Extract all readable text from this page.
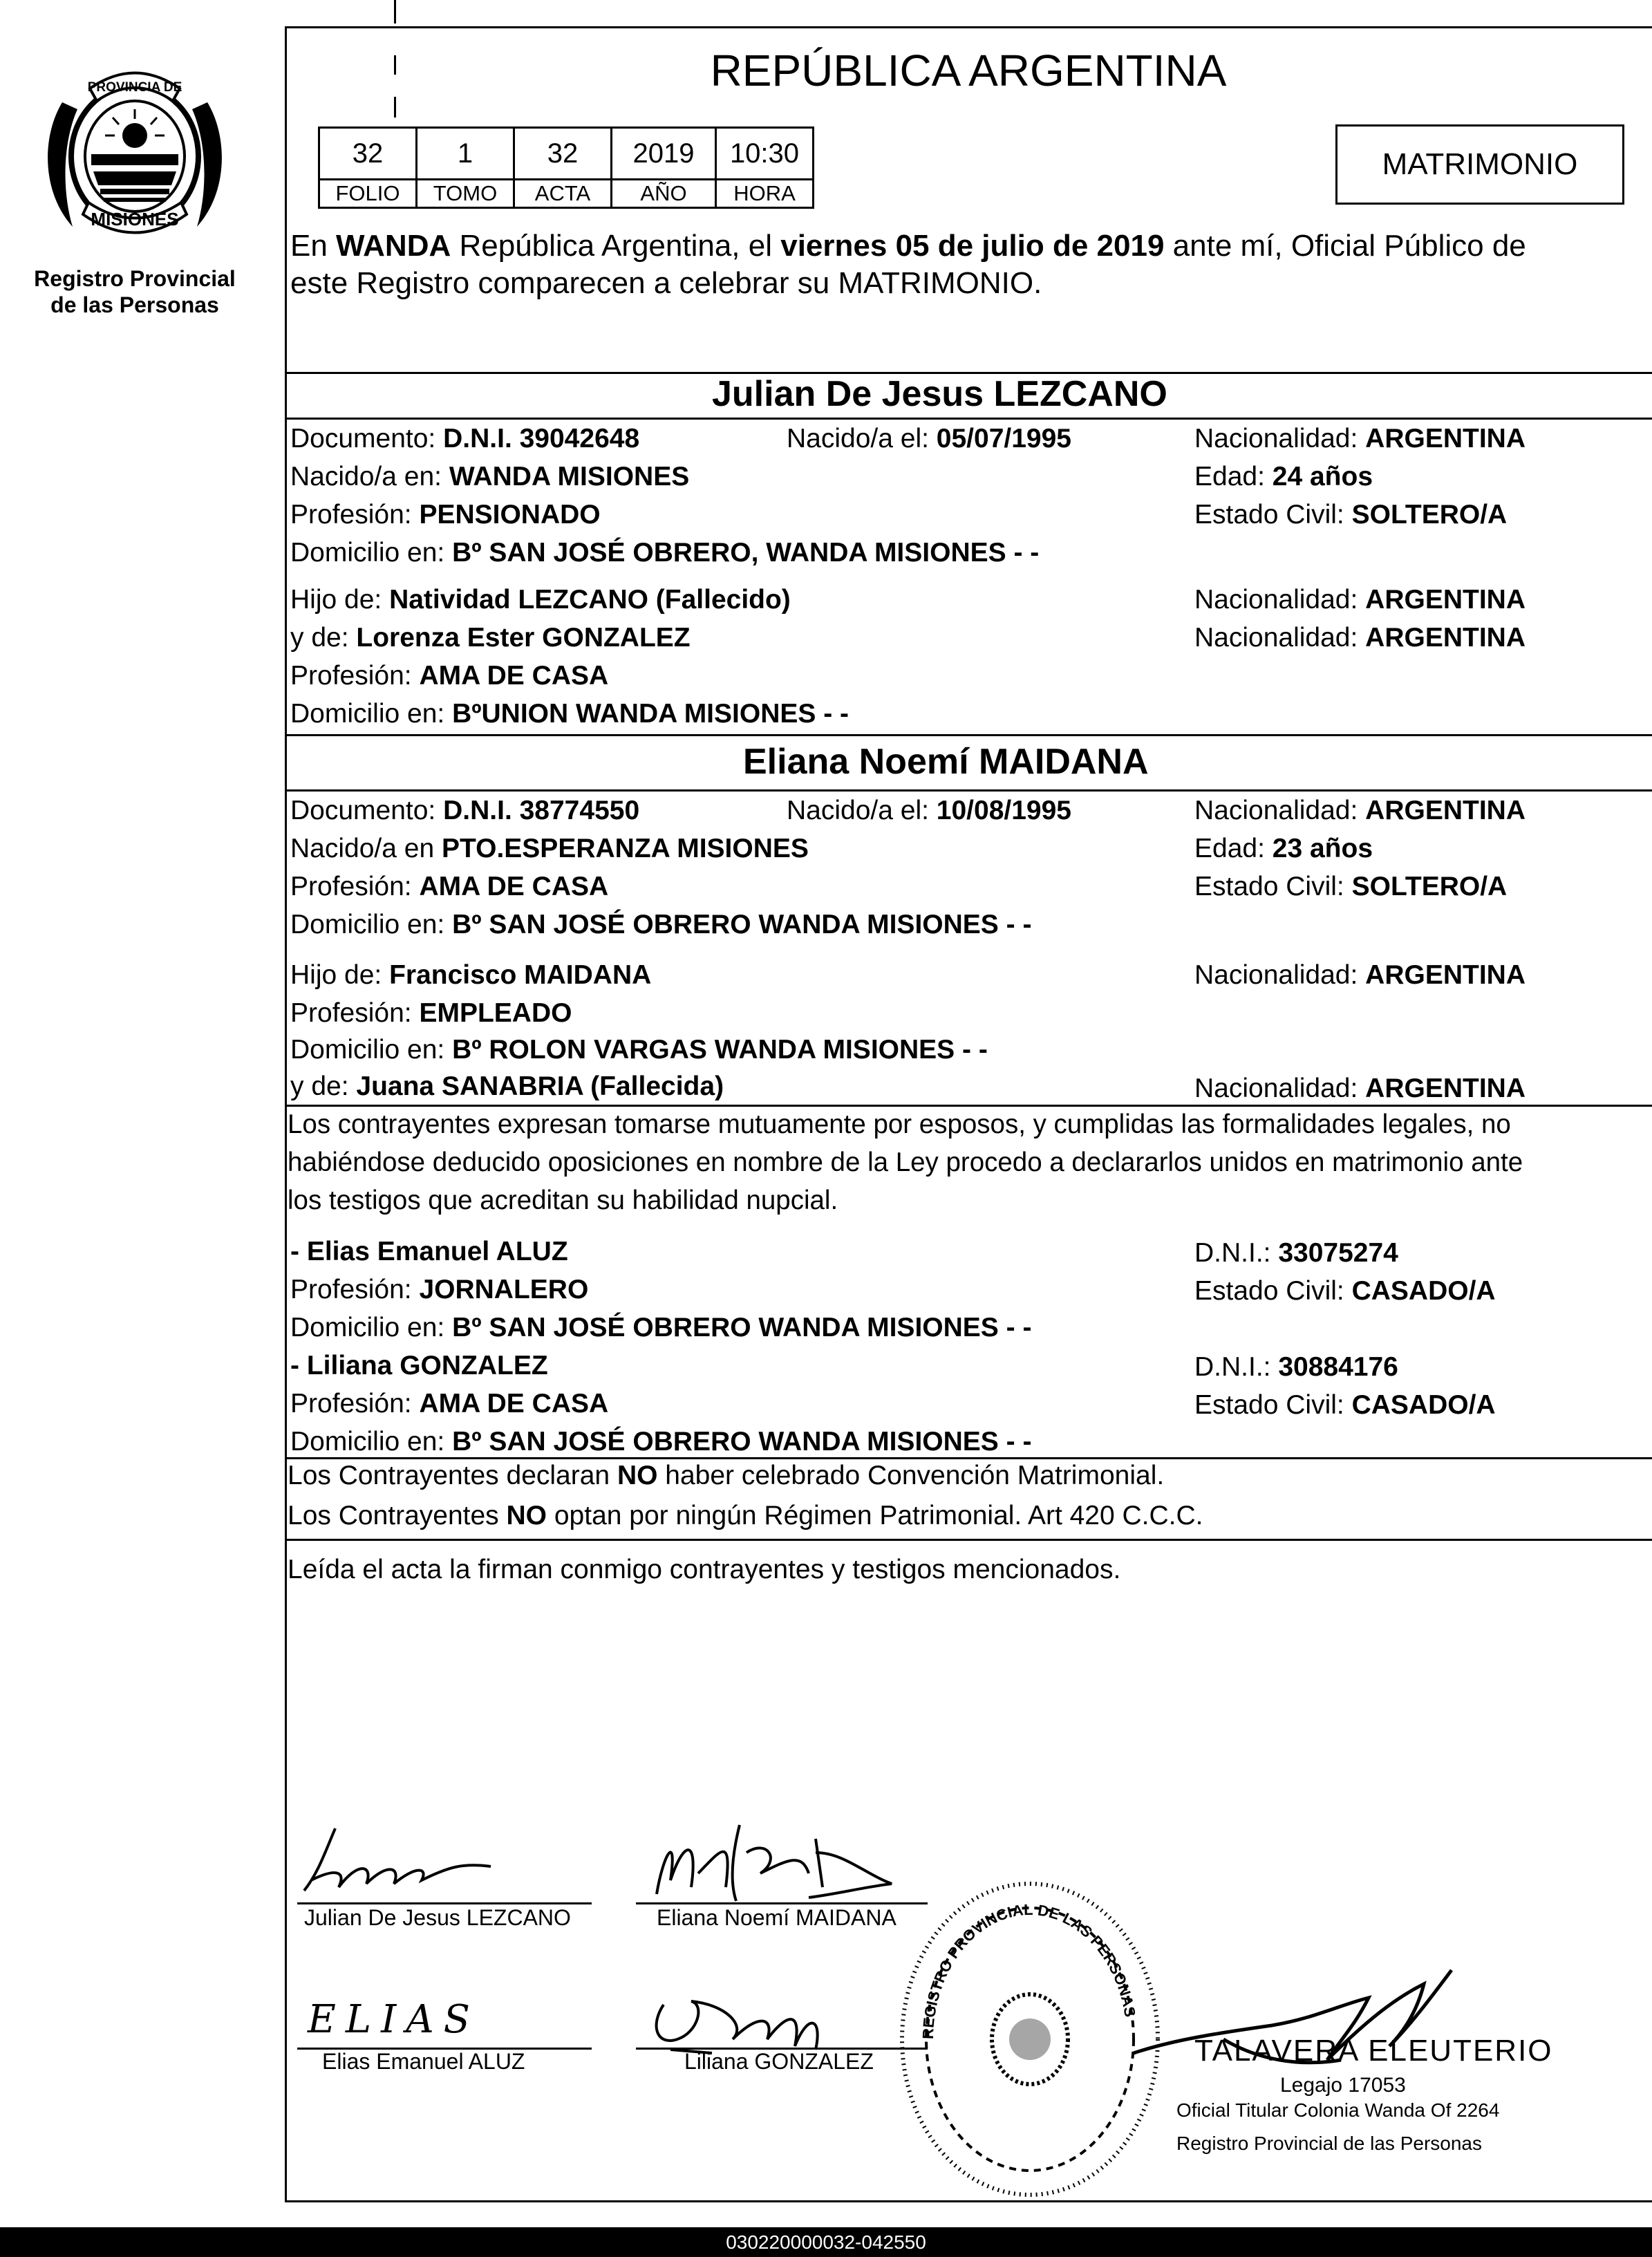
PROVINCIA DE
MISIONES
Registro Provincial
de las Personas
REPÚBLICA ARGENTINA
32	1	32	2019	10:30
FOLIO	TOMO	ACTA	AÑO	HORA
MATRIMONIO
En WANDA República Argentina, el viernes 05 de julio de 2019 ante mí, Oficial Público de
este Registro comparecen a celebrar su MATRIMONIO.
Julian De Jesus LEZCANO
Documento: D.N.I. 39042648	Nacido/a el: 05/07/1995	Nacionalidad: ARGENTINA
Nacido/a en: WANDA MISIONES	Edad: 24 años
Profesión: PENSIONADO	Estado Civil: SOLTERO/A
Domicilio en: Bº SAN JOSÉ OBRERO, WANDA MISIONES - -
Hijo de: Natividad LEZCANO (Fallecido)	Nacionalidad: ARGENTINA
y de: Lorenza Ester GONZALEZ	Nacionalidad: ARGENTINA
Profesión: AMA DE CASA
Domicilio en: BºUNION WANDA MISIONES - -
Eliana Noemí MAIDANA
Documento: D.N.I. 38774550	Nacido/a el: 10/08/1995	Nacionalidad: ARGENTINA
Nacido/a en PTO.ESPERANZA MISIONES	Edad: 23 años
Profesión: AMA DE CASA	Estado Civil: SOLTERO/A
Domicilio en: Bº SAN JOSÉ OBRERO WANDA MISIONES - -
Hijo de: Francisco MAIDANA	Nacionalidad: ARGENTINA
Profesión: EMPLEADO
Domicilio en: Bº ROLON VARGAS WANDA MISIONES - -
y de: Juana SANABRIA (Fallecida)	Nacionalidad: ARGENTINA
Los contrayentes expresan tomarse mutuamente por esposos, y cumplidas las formalidades legales, no
habiéndose deducido oposiciones en nombre de la Ley procedo a declararlos unidos en matrimonio ante
los testigos que acreditan su habilidad nupcial.
- Elias Emanuel ALUZ	D.N.I.: 33075274
Profesión: JORNALERO	Estado Civil: CASADO/A
Domicilio en: Bº SAN JOSÉ OBRERO WANDA MISIONES - -
- Liliana GONZALEZ	D.N.I.: 30884176
Profesión: AMA DE CASA	Estado Civil: CASADO/A
Domicilio en: Bº SAN JOSÉ OBRERO WANDA MISIONES - -
Los Contrayentes declaran NO haber celebrado Convención Matrimonial.
Los Contrayentes NO optan por ningún Régimen Patrimonial. Art 420 C.C.C.
Leída el acta la firman conmigo contrayentes y testigos mencionados.
Julian De Jesus LEZCANO	Eliana Noemí MAIDANA
ELIAS
Elias Emanuel ALUZ	Liliana GONZALEZ
REGISTRO PROVINCIAL DE LAS PERSONAS
TALAVERA ELEUTERIO
Legajo 17053
Oficial Titular Colonia Wanda Of 2264
Registro Provincial de las Personas
030220000032-042550
